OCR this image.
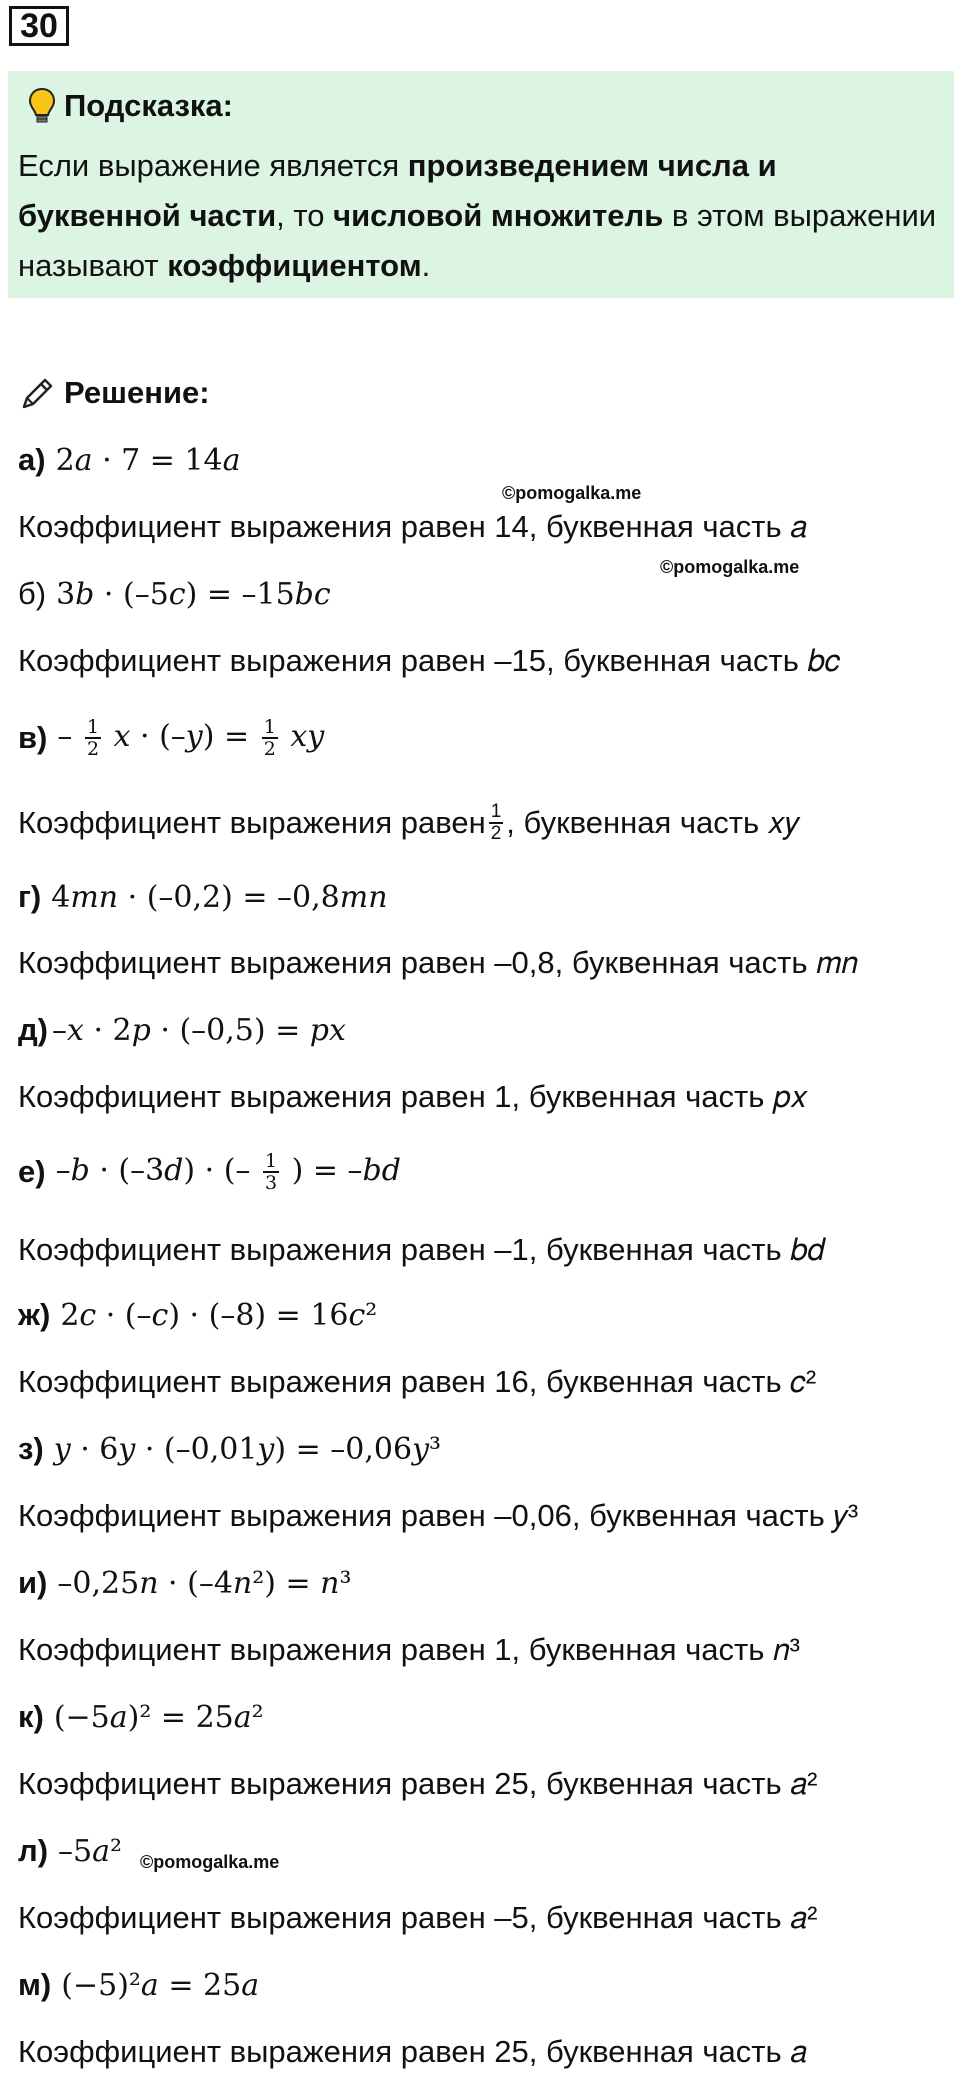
30
Подсказка:
Если выражение является произведением числа и буквенной части, то числовой множитель в этом выражении называют коэффициентом.
Решение:
а) 2𝑎 · 7 = 14𝑎
Коэффициент выражения равен 14, буквенная часть 𝑎
б) 3𝑏 · (–5𝑐) = –15𝑏𝑐
Коэффициент выражения равен –15, буквенная часть 𝑏𝑐
$в) - \frac{1}{2}$ 𝑥 · (–𝑦) = $\frac{1}{2}$ 𝑥𝑦
Коэффициент выражения равен $\frac{1}{2}$ , буквенная часть 𝑥𝑦
г) 4𝑚𝑛 · (–0,2) = –0,8𝑚𝑛
Коэффициент выражения равен –0,8, буквенная часть 𝑚𝑛
д) –𝑥 · 2𝑝 · (–0,5) = 𝑝𝑥
Коэффициент выражения равен 1, буквенная часть 𝑝𝑥
е) –𝑏 · (–3𝑑) · (– $\frac{1}{3}$ ) = –𝑏𝑑
Коэффициент выражения равен –1, буквенная часть 𝑏𝑑
ж) 2𝑐 · (–𝑐) · (–8) = 16𝑐²
Коэффициент выражения равен 16, буквенная часть 𝑐²
з) 𝑦 · 6𝑦 · (–0,01𝑦) = –0,06𝑦³
Коэффициент выражения равен –0,06, буквенная часть 𝑦³
и) –0,25𝑛 · (–4𝑛²) = 𝑛³
Коэффициент выражения равен 1, буквенная часть 𝑛³
к) (−5𝑎)² = 25𝑎²
Коэффициент выражения равен 25, буквенная часть 𝑎²
л) –5𝑎²
Коэффициент выражения равен –5, буквенная часть 𝑎²
м) (−5)²𝑎 = 25𝑎
Коэффициент выражения равен 25, буквенная часть 𝑎
©pomogalka.me
©pomogalka.me
©pomogalka.me
